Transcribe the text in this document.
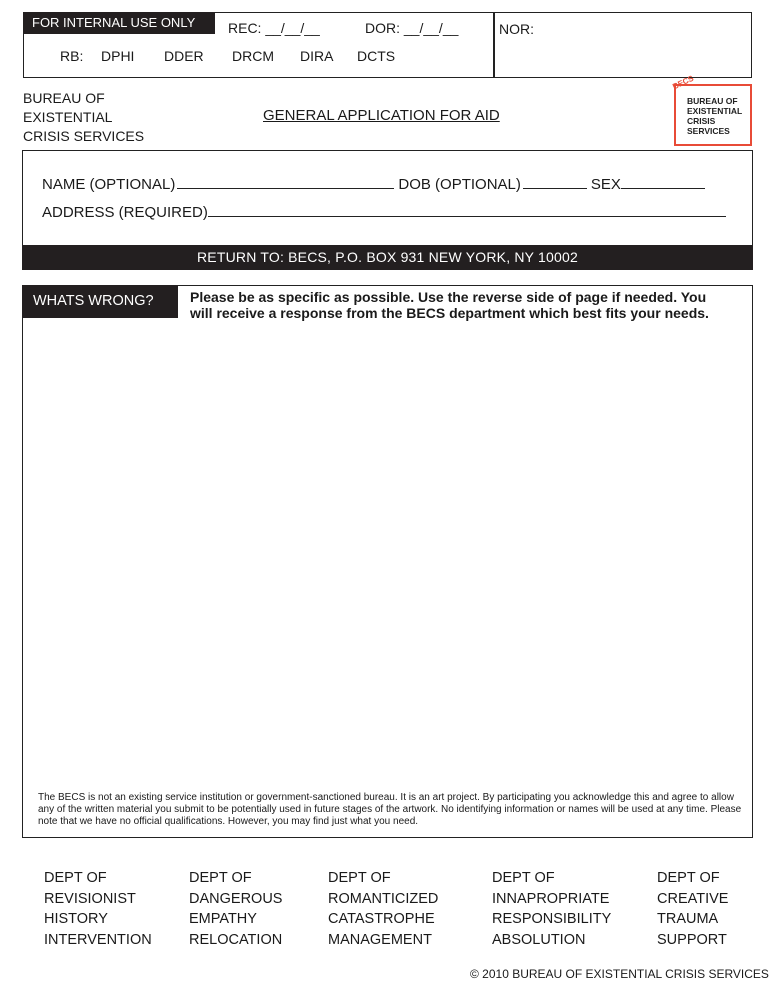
FOR INTERNAL USE ONLY	REC: __/__/__	DOR: __/__/__	NOR:
RB: DPHI DDER DRCM DIRA DCTS
BUREAU OF
EXISTENTIAL
CRISIS SERVICES
GENERAL APPLICATION FOR AID
BECS
BUREAU OF
EXISTENTIAL
CRISIS
SERVICES
NAME (OPTIONAL)	DOB (OPTIONAL)	SEX
ADDRESS (REQUIRED)
RETURN TO: BECS, P.O. BOX 931 NEW YORK, NY 10002
WHATS WRONG?	Please be as specific as possible. Use the reverse side of page if needed. You will receive a response from the BECS department which best fits your needs.
The BECS is not an existing service institution or government-sanctioned bureau. It is an art project. By participating you acknowledge this and agree to allow any of the written material you submit to be potentially used in future stages of the artwork. No identifying information or names will be used at any time. Please note that we have no official qualifications. However, you may find just what you need.
DEPT OF
REVISIONIST
HISTORY
INTERVENTION
DEPT OF
DANGEROUS
EMPATHY
RELOCATION
DEPT OF
ROMANTICIZED
CATASTROPHE
MANAGEMENT
DEPT OF
INNAPROPRIATE
RESPONSIBILITY
ABSOLUTION
DEPT OF
CREATIVE
TRAUMA
SUPPORT
© 2010 BUREAU OF EXISTENTIAL CRISIS SERVICES
